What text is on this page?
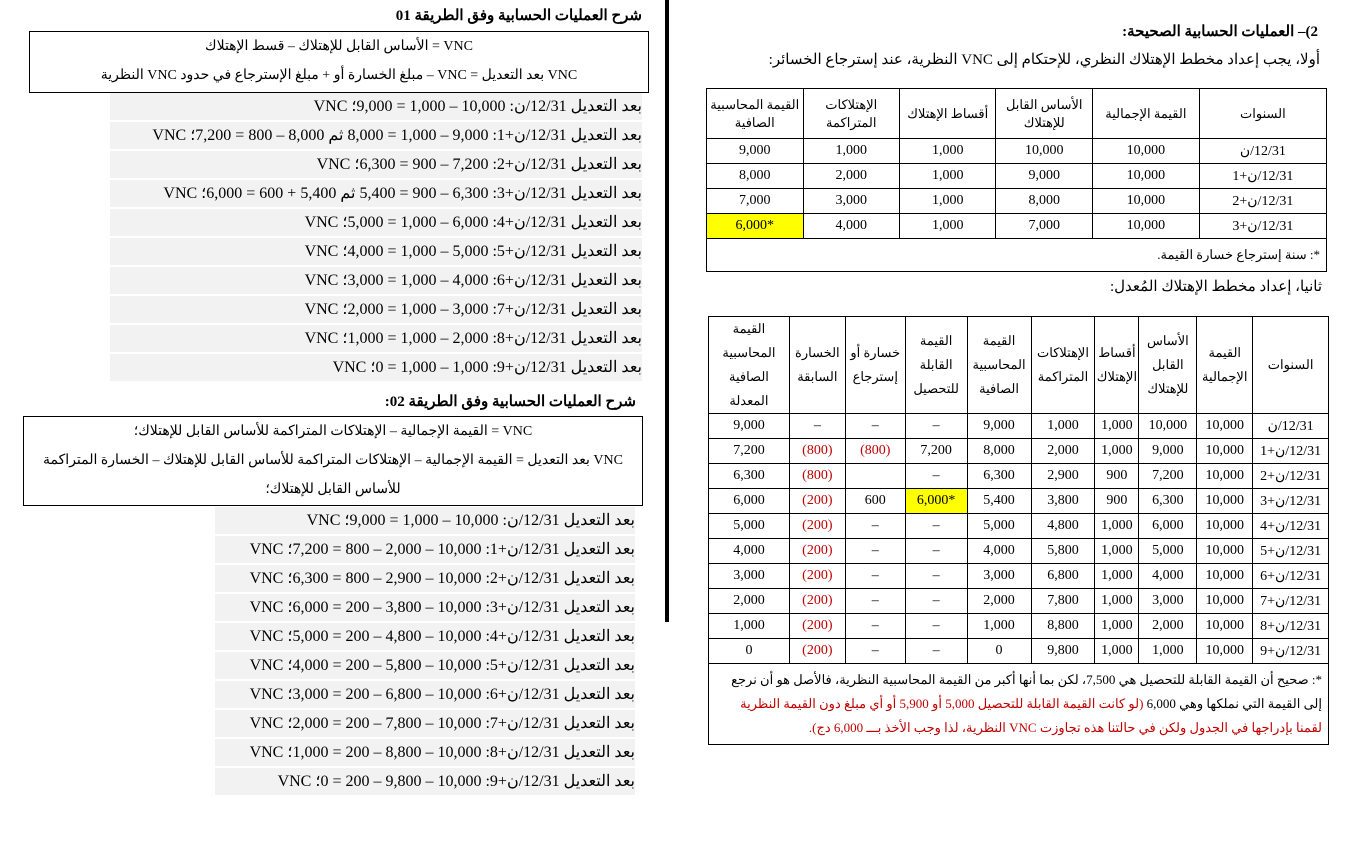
شرح العمليات الحسابية وفق الطريقة 01
VNC = الأساس القابل للإهتلاك – قسط الإهتلاك
VNC بعد التعديل = VNC – مبلغ الخسارة أو + مبلغ الإسترجاع في حدود VNC النظرية
VNC بعد التعديل 12/31/ن: 10,000 – 1,000 = 9,000؛
VNC بعد التعديل 12/31/ن+1: 9,000 – 1,000 = 8,000 ثم 8,000 – 800 = 7,200؛
VNC بعد التعديل 12/31/ن+2: 7,200 – 900 = 6,300؛
VNC بعد التعديل 12/31/ن+3: 6,300 – 900 = 5,400 ثم 5,400 + 600 = 6,000؛
VNC بعد التعديل 12/31/ن+4: 6,000 – 1,000 = 5,000؛
VNC بعد التعديل 12/31/ن+5: 5,000 – 1,000 = 4,000؛
VNC بعد التعديل 12/31/ن+6: 4,000 – 1,000 = 3,000؛
VNC بعد التعديل 12/31/ن+7: 3,000 – 1,000 = 2,000؛
VNC بعد التعديل 12/31/ن+8: 2,000 – 1,000 = 1,000؛
VNC بعد التعديل 12/31/ن+9: 1,000 – 1,000 = 0؛
شرح العمليات الحسابية وفق الطريقة 02:
VNC = القيمة الإجمالية – الإهتلاكات المتراكمة للأساس القابل للإهتلاك؛
VNC بعد التعديل = القيمة الإجمالية – الإهتلاكات المتراكمة للأساس القابل للإهتلاك – الخسارة المتراكمة للأساس القابل للإهتلاك؛
VNC بعد التعديل 12/31/ن: 10,000 – 1,000 = 9,000؛
VNC بعد التعديل 12/31/ن+1: 10,000 – 2,000 – 800 = 7,200؛
VNC بعد التعديل 12/31/ن+2: 10,000 – 2,900 – 800 = 6,300؛
VNC بعد التعديل 12/31/ن+3: 10,000 – 3,800 – 200 = 6,000؛
VNC بعد التعديل 12/31/ن+4: 10,000 – 4,800 – 200 = 5,000؛
VNC بعد التعديل 12/31/ن+5: 10,000 – 5,800 – 200 = 4,000؛
VNC بعد التعديل 12/31/ن+6: 10,000 – 6,800 – 200 = 3,000؛
VNC بعد التعديل 12/31/ن+7: 10,000 – 7,800 – 200 = 2,000؛
VNC بعد التعديل 12/31/ن+8: 10,000 – 8,800 – 200 = 1,000؛
VNC بعد التعديل 12/31/ن+9: 10,000 – 9,800 – 200 = 0؛
2)– العمليات الحسابية الصحيحة:
أولا، يجب إعداد مخطط الإهتلاك النظري، للإحتكام إلى VNC النظرية، عند إسترجاع الخسائر:
السنوات	القيمة الإجمالية	الأساس القابل للإهتلاك	أقساط الإهتلاك	الإهتلاكات المتراكمة	القيمة المحاسبية الصافية
12/31/ن	10,000	10,000	1,000	1,000	9,000
12/31/ن+1	10,000	9,000	1,000	2,000	8,000
12/31/ن+2	10,000	8,000	1,000	3,000	7,000
12/31/ن+3	10,000	7,000	1,000	4,000	*6,000
*: سنة إسترجاع خسارة القيمة.					
ثانيا، إعداد مخطط الإهتلاك المُعدل:
السنوات	القيمة الإجمالية	الأساس القابل للإهتلاك	أقساط الإهتلاك	الإهتلاكات المتراكمة	القيمة المحاسبية الصافية	القيمة القابلة للتحصيل	خسارة أو إسترجاع	الخسارة السابقة	القيمة المحاسبية الصافية المعدلة
12/31/ن	10,000	10,000	1,000	1,000	9,000	–	–	–	9,000
12/31/ن+1	10,000	9,000	1,000	2,000	8,000	7,200	(800)	(800)	7,200
12/31/ن+2	10,000	7,200	900	2,900	6,300	–		(800)	6,300
12/31/ن+3	10,000	6,300	900	3,800	5,400	*6,000	600	(200)	6,000
12/31/ن+4	10,000	6,000	1,000	4,800	5,000	–	–	(200)	5,000
12/31/ن+5	10,000	5,000	1,000	5,800	4,000	–	–	(200)	4,000
12/31/ن+6	10,000	4,000	1,000	6,800	3,000	–	–	(200)	3,000
12/31/ن+7	10,000	3,000	1,000	7,800	2,000	–	–	(200)	2,000
12/31/ن+8	10,000	2,000	1,000	8,800	1,000	–	–	(200)	1,000
12/31/ن+9	10,000	1,000	1,000	9,800	0	–	–	(200)	0
*: صحيح أن القيمة القابلة للتحصيل هي 7,500، لكن بما أنها أكبر من القيمة المحاسبية النظرية، فالأصل هو أن نرجع إلى القيمة التي نملكها وهي 6,000 (لو كانت القيمة القابلة للتحصيل 5,000 أو 5,900 أو أي مبلغ دون القيمة النظرية لقمنا بإدراجها في الجدول ولكن في حالتنا هذه تجاوزت VNC النظرية، لذا وجب الأخذ بـــ 6,000 دج).									
